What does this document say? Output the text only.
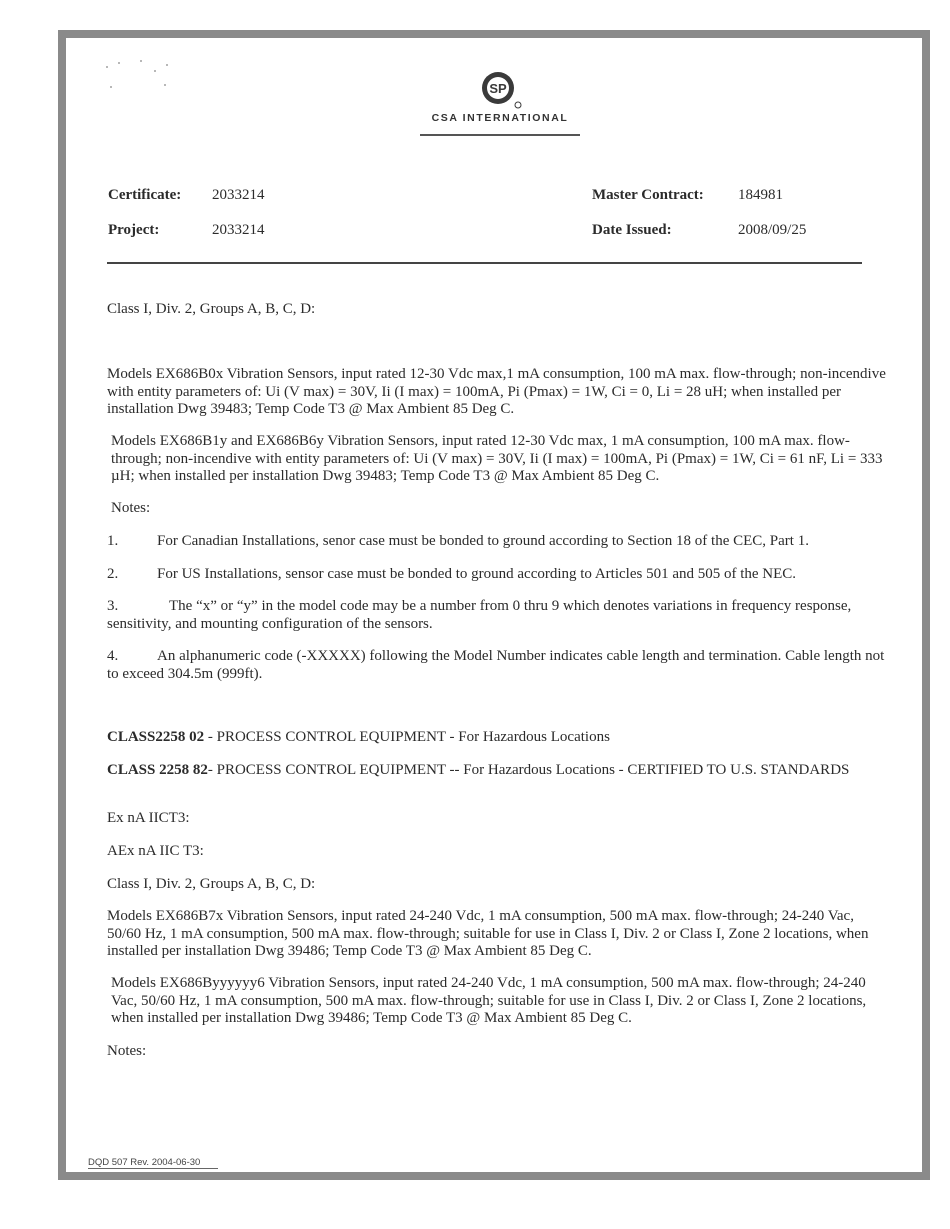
SP
CSA INTERNATIONAL
Certificate: 2033214
Project:	2033214
Master Contract: 184981
Date Issued:	2008/09/25
Class I, Div. 2, Groups A, B, C, D:
Models EX686B0x Vibration Sensors, input rated 12-30 Vdc max,1 mA consumption, 100 mA max. flow-through; non-incendive with entity parameters of: Ui (V max) = 30V, Ii (I max) = 100mA, Pi (Pmax) = 1W, Ci = 0, Li = 28 uH; when installed per installation Dwg 39483; Temp Code T3 @ Max Ambient 85 Deg C.
Models EX686B1y and EX686B6y Vibration Sensors, input rated 12-30 Vdc max, 1 mA consumption, 100 mA max. flow-through; non-incendive with entity parameters of: Ui (V max) = 30V, Ii (I max) = 100mA, Pi (Pmax) = 1W, Ci = 61 nF, Li = 333 µH; when installed per installation Dwg 39483; Temp Code T3 @ Max Ambient 85 Deg C.
Notes:
1.	For Canadian Installations, senor case must be bonded to ground according to Section 18 of the CEC, Part 1.
2.	For US Installations, sensor case must be bonded to ground according to Articles 501 and 505 of the NEC.
3.	The “x” or “y” in the model code may be a number from 0 thru 9 which denotes variations in frequency response, sensitivity, and mounting configuration of the sensors.
4.	An alphanumeric code (-XXXXX) following the Model Number indicates cable length and termination. Cable length not to exceed 304.5m (999ft).
CLASS2258 02 - PROCESS CONTROL EQUIPMENT - For Hazardous Locations
CLASS 2258 82- PROCESS CONTROL EQUIPMENT -- For Hazardous Locations - CERTIFIED TO U.S. STANDARDS
Ex nA IICT3:
AEx nA IIC T3:
Class I, Div. 2, Groups A, B, C, D:
Models EX686B7x Vibration Sensors, input rated 24-240 Vdc, 1 mA consumption, 500 mA max. flow-through; 24-240 Vac, 50/60 Hz, 1 mA consumption, 500 mA max. flow-through; suitable for use in Class I, Div. 2 or Class I, Zone 2 locations, when installed per installation Dwg 39486; Temp Code T3 @ Max Ambient 85 Deg C.
Models EX686Byyyyyy6 Vibration Sensors, input rated 24-240 Vdc, 1 mA consumption, 500 mA max. flow-through; 24-240 Vac, 50/60 Hz, 1 mA consumption, 500 mA max. flow-through; suitable for use in Class I, Div. 2 or Class I, Zone 2 locations, when installed per installation Dwg 39486; Temp Code T3 @ Max Ambient 85 Deg C.
Notes:
DQD 507 Rev. 2004-06-30
